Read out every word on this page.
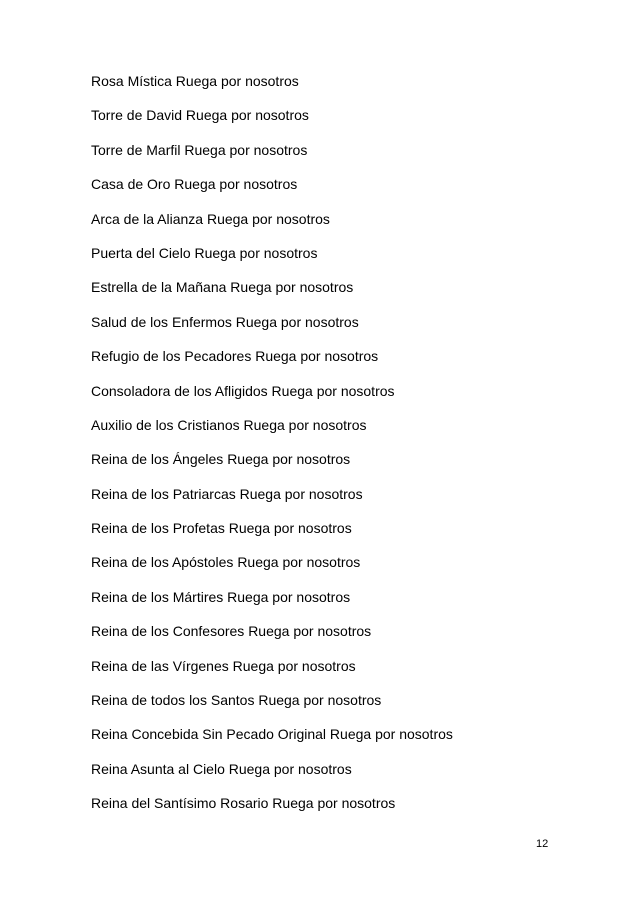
Rosa Mística Ruega por nosotros
Torre de David Ruega por nosotros
Torre de Marfil Ruega por nosotros
Casa de Oro Ruega por nosotros
Arca de la Alianza Ruega por nosotros
Puerta del Cielo Ruega por nosotros
Estrella de la Mañana Ruega por nosotros
Salud de los Enfermos Ruega por nosotros
Refugio de los Pecadores Ruega por nosotros
Consoladora de los Afligidos Ruega por nosotros
Auxilio de los Cristianos Ruega por nosotros
Reina de los Ángeles Ruega por nosotros
Reina de los Patriarcas Ruega por nosotros
Reina de los Profetas Ruega por nosotros
Reina de los Apóstoles Ruega por nosotros
Reina de los Mártires Ruega por nosotros
Reina de los Confesores Ruega por nosotros
Reina de las Vírgenes Ruega por nosotros
Reina de todos los Santos Ruega por nosotros
Reina Concebida Sin Pecado Original Ruega por nosotros
Reina Asunta al Cielo Ruega por nosotros
Reina del Santísimo Rosario Ruega por nosotros
12
